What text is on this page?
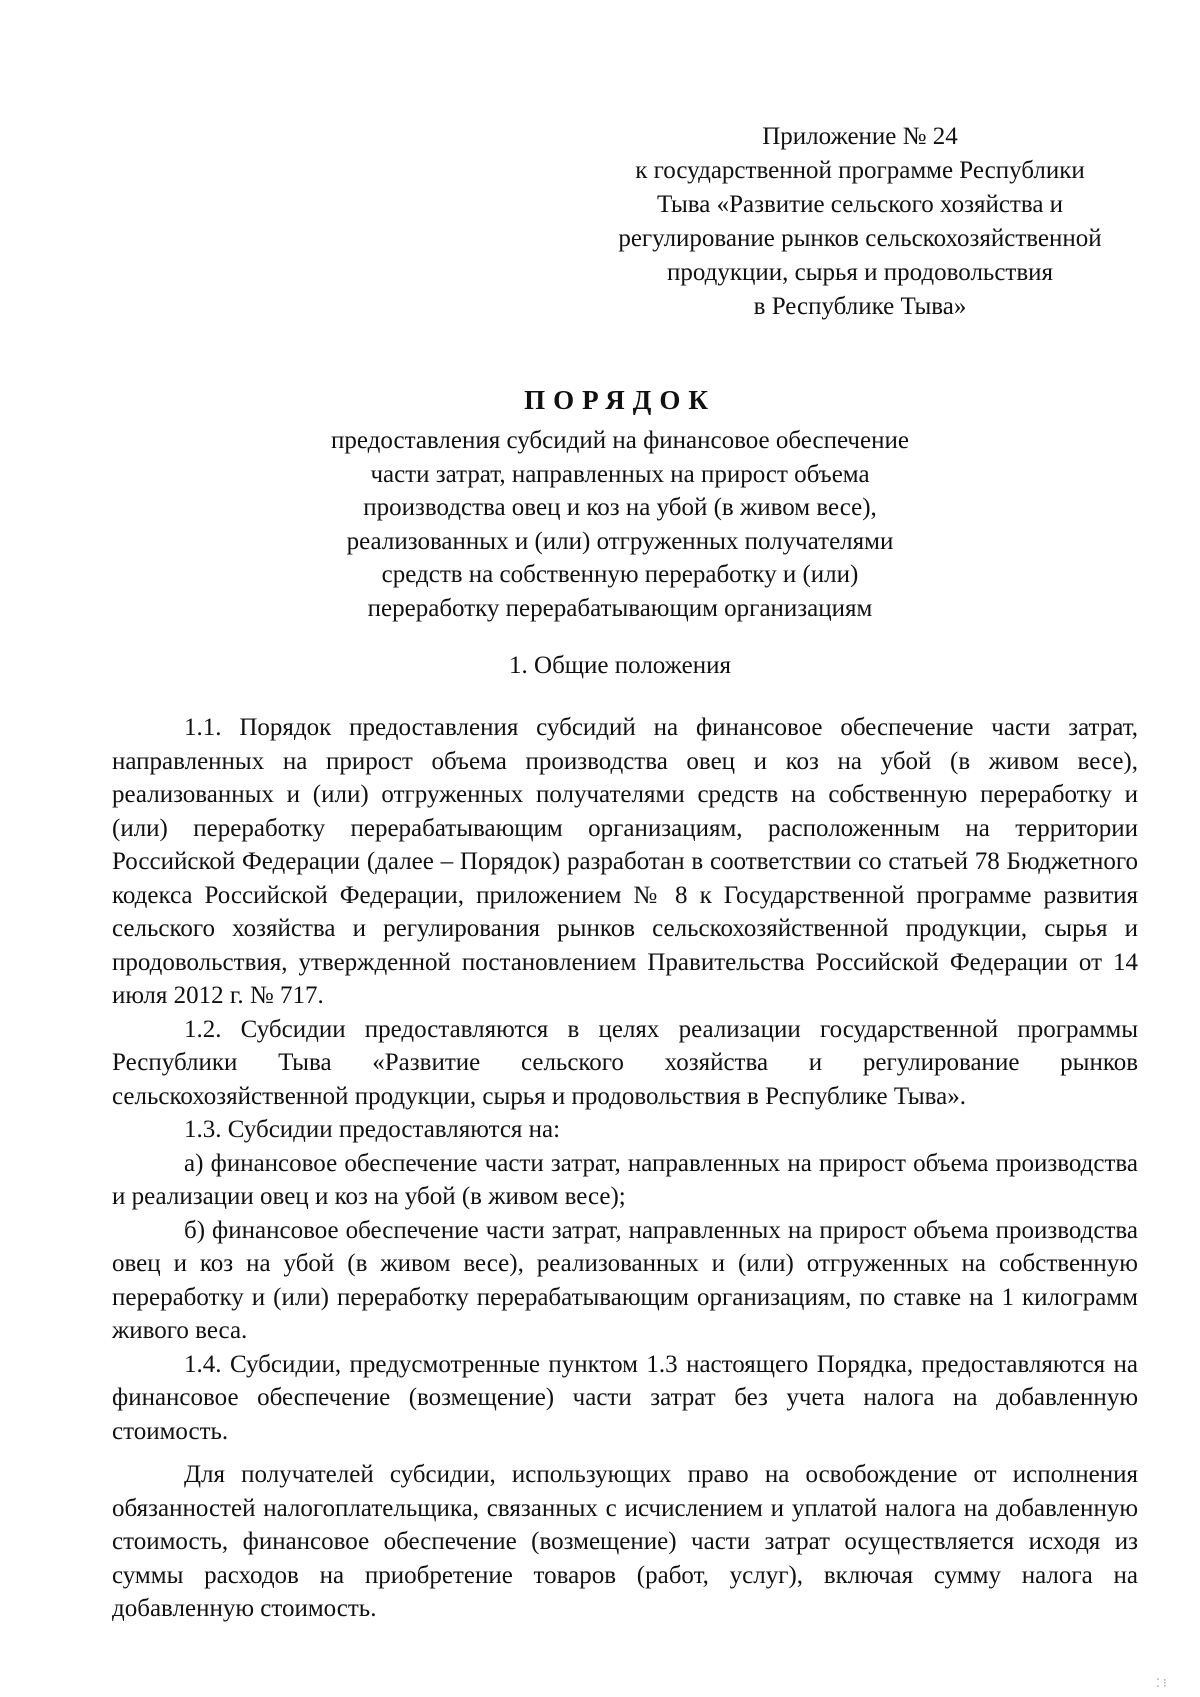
Приложение № 24
к государственной программе Республики
Тыва «Развитие сельского хозяйства и
регулирование рынков сельскохозяйственной
продукции, сырья и продовольствия
в Республике Тыва»
ПОРЯДОК
предоставления субсидий на финансовое обеспечение
части затрат, направленных на прирост объема
производства овец и коз на убой (в живом весе),
реализованных и (или) отгруженных получателями
средств на собственную переработку и (или)
переработку перерабатывающим организациям
1. Общие положения

1.1. Порядок предоставления субсидий на финансовое обеспечение части затрат, направленных на прирост объема производства овец и коз на убой (в живом весе), реализованных и (или) отгруженных получателями средств на собственную переработку и (или) переработку перерабатывающим организациям, расположенным на территории Российской Федерации (далее – Порядок) разработан в соответствии со статьей 78 Бюджетного кодекса Российской Федерации, приложением № 8 к Государственной программе развития сельского хозяйства и регулирования рынков сельскохозяйственной продукции, сырья и продовольствия, утвержденной постановлением Правительства Российской Федерации от 14 июля 2012 г. № 717.

1.2. Субсидии предоставляются в целях реализации государственной программы Республики Тыва «Развитие сельского хозяйства и регулирование рынков сельскохозяйственной продукции, сырья и продовольствия в Республике Тыва».

1.3. Субсидии предоставляются на:

а) финансовое обеспечение части затрат, направленных на прирост объема производства и реализации овец и коз на убой (в живом весе);

б) финансовое обеспечение части затрат, направленных на прирост объема производства овец и коз на убой (в живом весе), реализованных и (или) отгруженных на собственную переработку и (или) переработку перерабатывающим организациям, по ставке на 1 килограмм живого веса.

1.4. Субсидии, предусмотренные пунктом 1.3 настоящего Порядка, предоставляются на финансовое обеспечение (возмещение) части затрат без учета налога на добавленную стоимость.

Для получателей субсидии, использующих право на освобождение от исполнения обязанностей налогоплательщика, связанных с исчислением и уплатой налога на добавленную стоимость, финансовое обеспечение (возмещение) части затрат осуществляется исходя из суммы расходов на приобретение товаров (работ, услуг), включая сумму налога на добавленную стоимость.

⁚ ⁝
